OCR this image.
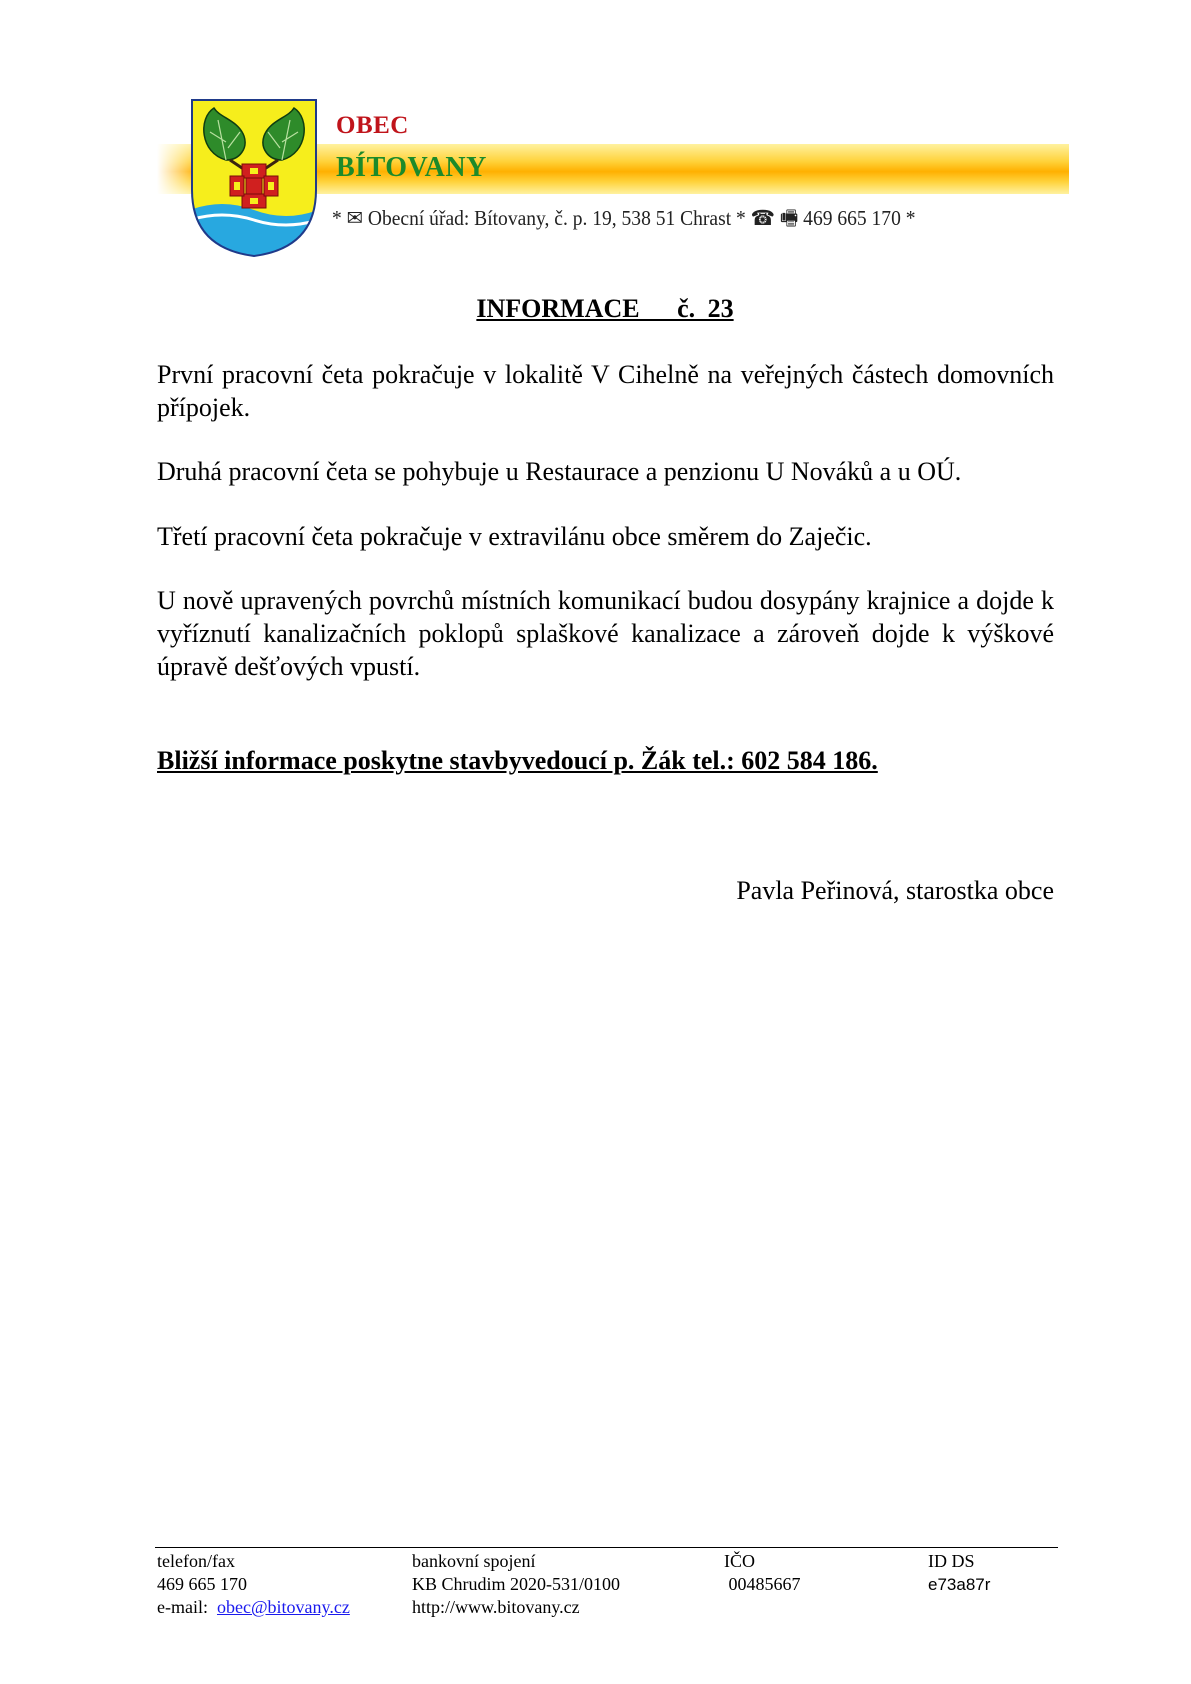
OBEC
BÍTOVANY
* ✉ Obecní úřad: Bítovany, č. p. 19, 538 51 Chrast * ☎ 🖷 469 665 170 *
INFORMACE   č. 23
První pracovní četa pokračuje v lokalitě V Cihelně na veřejných částech domovních přípojek.
Druhá pracovní četa se pohybuje u Restaurace a penzionu U Nováků a u OÚ.
Třetí pracovní četa pokračuje v extravilánu obce směrem do Zaječic.
U nově upravených povrchů místních komunikací budou dosypány krajnice a dojde k vyříznutí kanalizačních poklopů splaškové kanalizace a zároveň dojde k výškové úpravě dešťových vpustí.
Bližší informace poskytne stavbyvedoucí p. Žák tel.: 602 584 186.
Pavla Peřinová, starostka obce
telefon/fax
469 665 170
e-mail: obec@bitovany.cz
bankovní spojení
KB Chrudim 2020-531/0100
http://www.bitovany.cz
IČO
00485667
ID DS
e73a87r
